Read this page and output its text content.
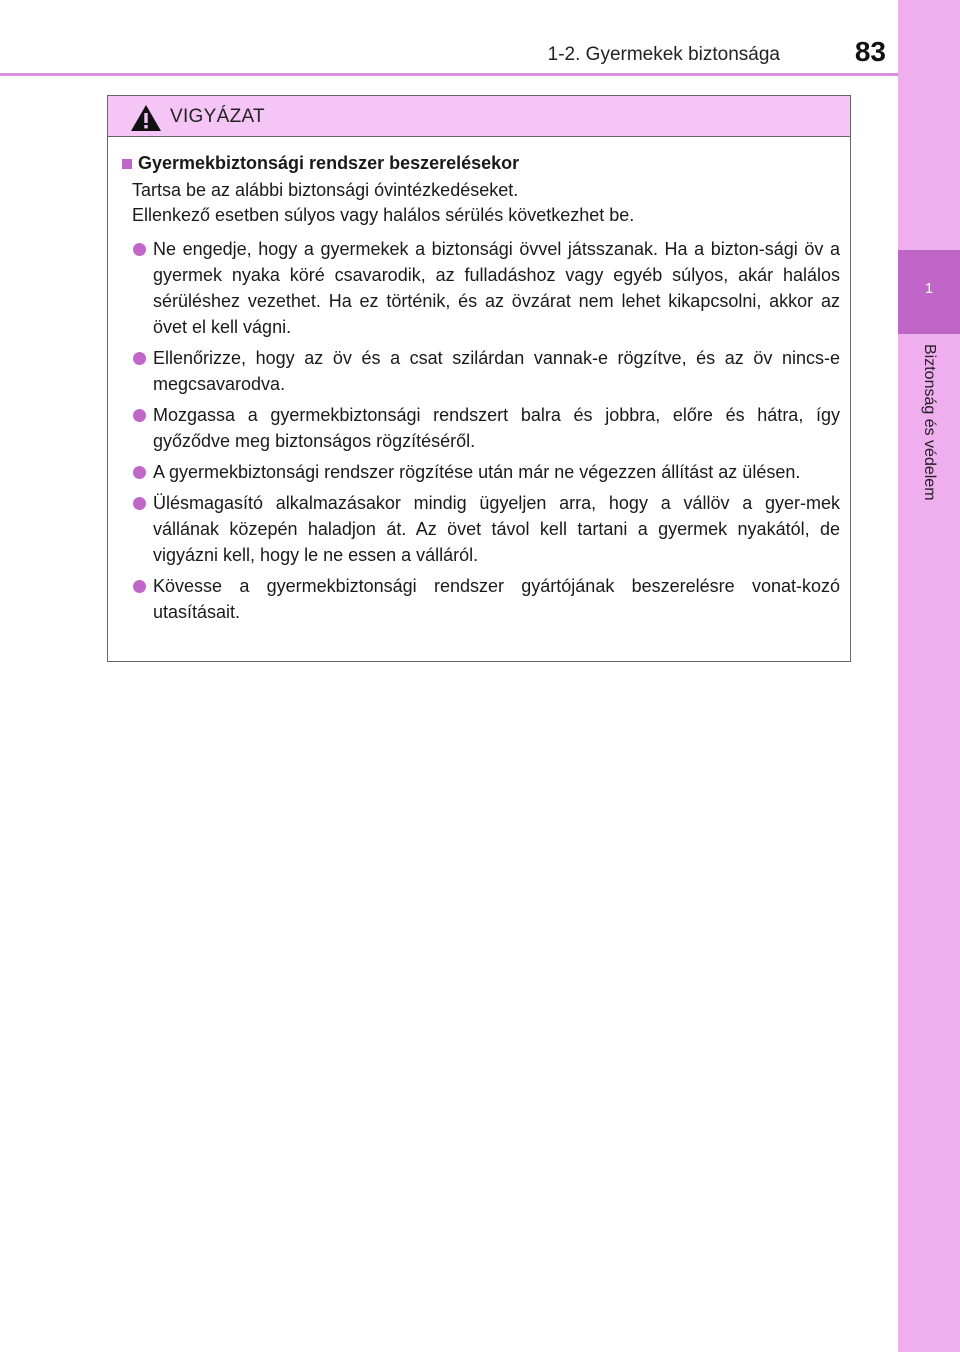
1-2. Gyermekek biztonsága	83
1
Biztonság és védelem
VIGYÁZAT
Gyermekbiztonsági rendszer beszerelésekor
Tartsa be az alábbi biztonsági óvintézkedéseket.
Ellenkező esetben súlyos vagy halálos sérülés következhet be.
Ne engedje, hogy a gyermekek a biztonsági övvel játsszanak. Ha a bizton-sági öv a gyermek nyaka köré csavarodik, az fulladáshoz vagy egyéb súlyos, akár halálos sérüléshez vezethet. Ha ez történik, és az övzárat nem lehet kikapcsolni, akkor az övet el kell vágni.
Ellenőrizze, hogy az öv és a csat szilárdan vannak-e rögzítve, és az öv nincs-e megcsavarodva.
Mozgassa a gyermekbiztonsági rendszert balra és jobbra, előre és hátra, így győződve meg biztonságos rögzítéséről.
A gyermekbiztonsági rendszer rögzítése után már ne végezzen állítást az ülésen.
Ülésmagasító alkalmazásakor mindig ügyeljen arra, hogy a vállöv a gyer-mek vállának közepén haladjon át. Az övet távol kell tartani a gyermek nyakától, de vigyázni kell, hogy le ne essen a válláról.
Kövesse a gyermekbiztonsági rendszer gyártójának beszerelésre vonat-kozó utasításait.
